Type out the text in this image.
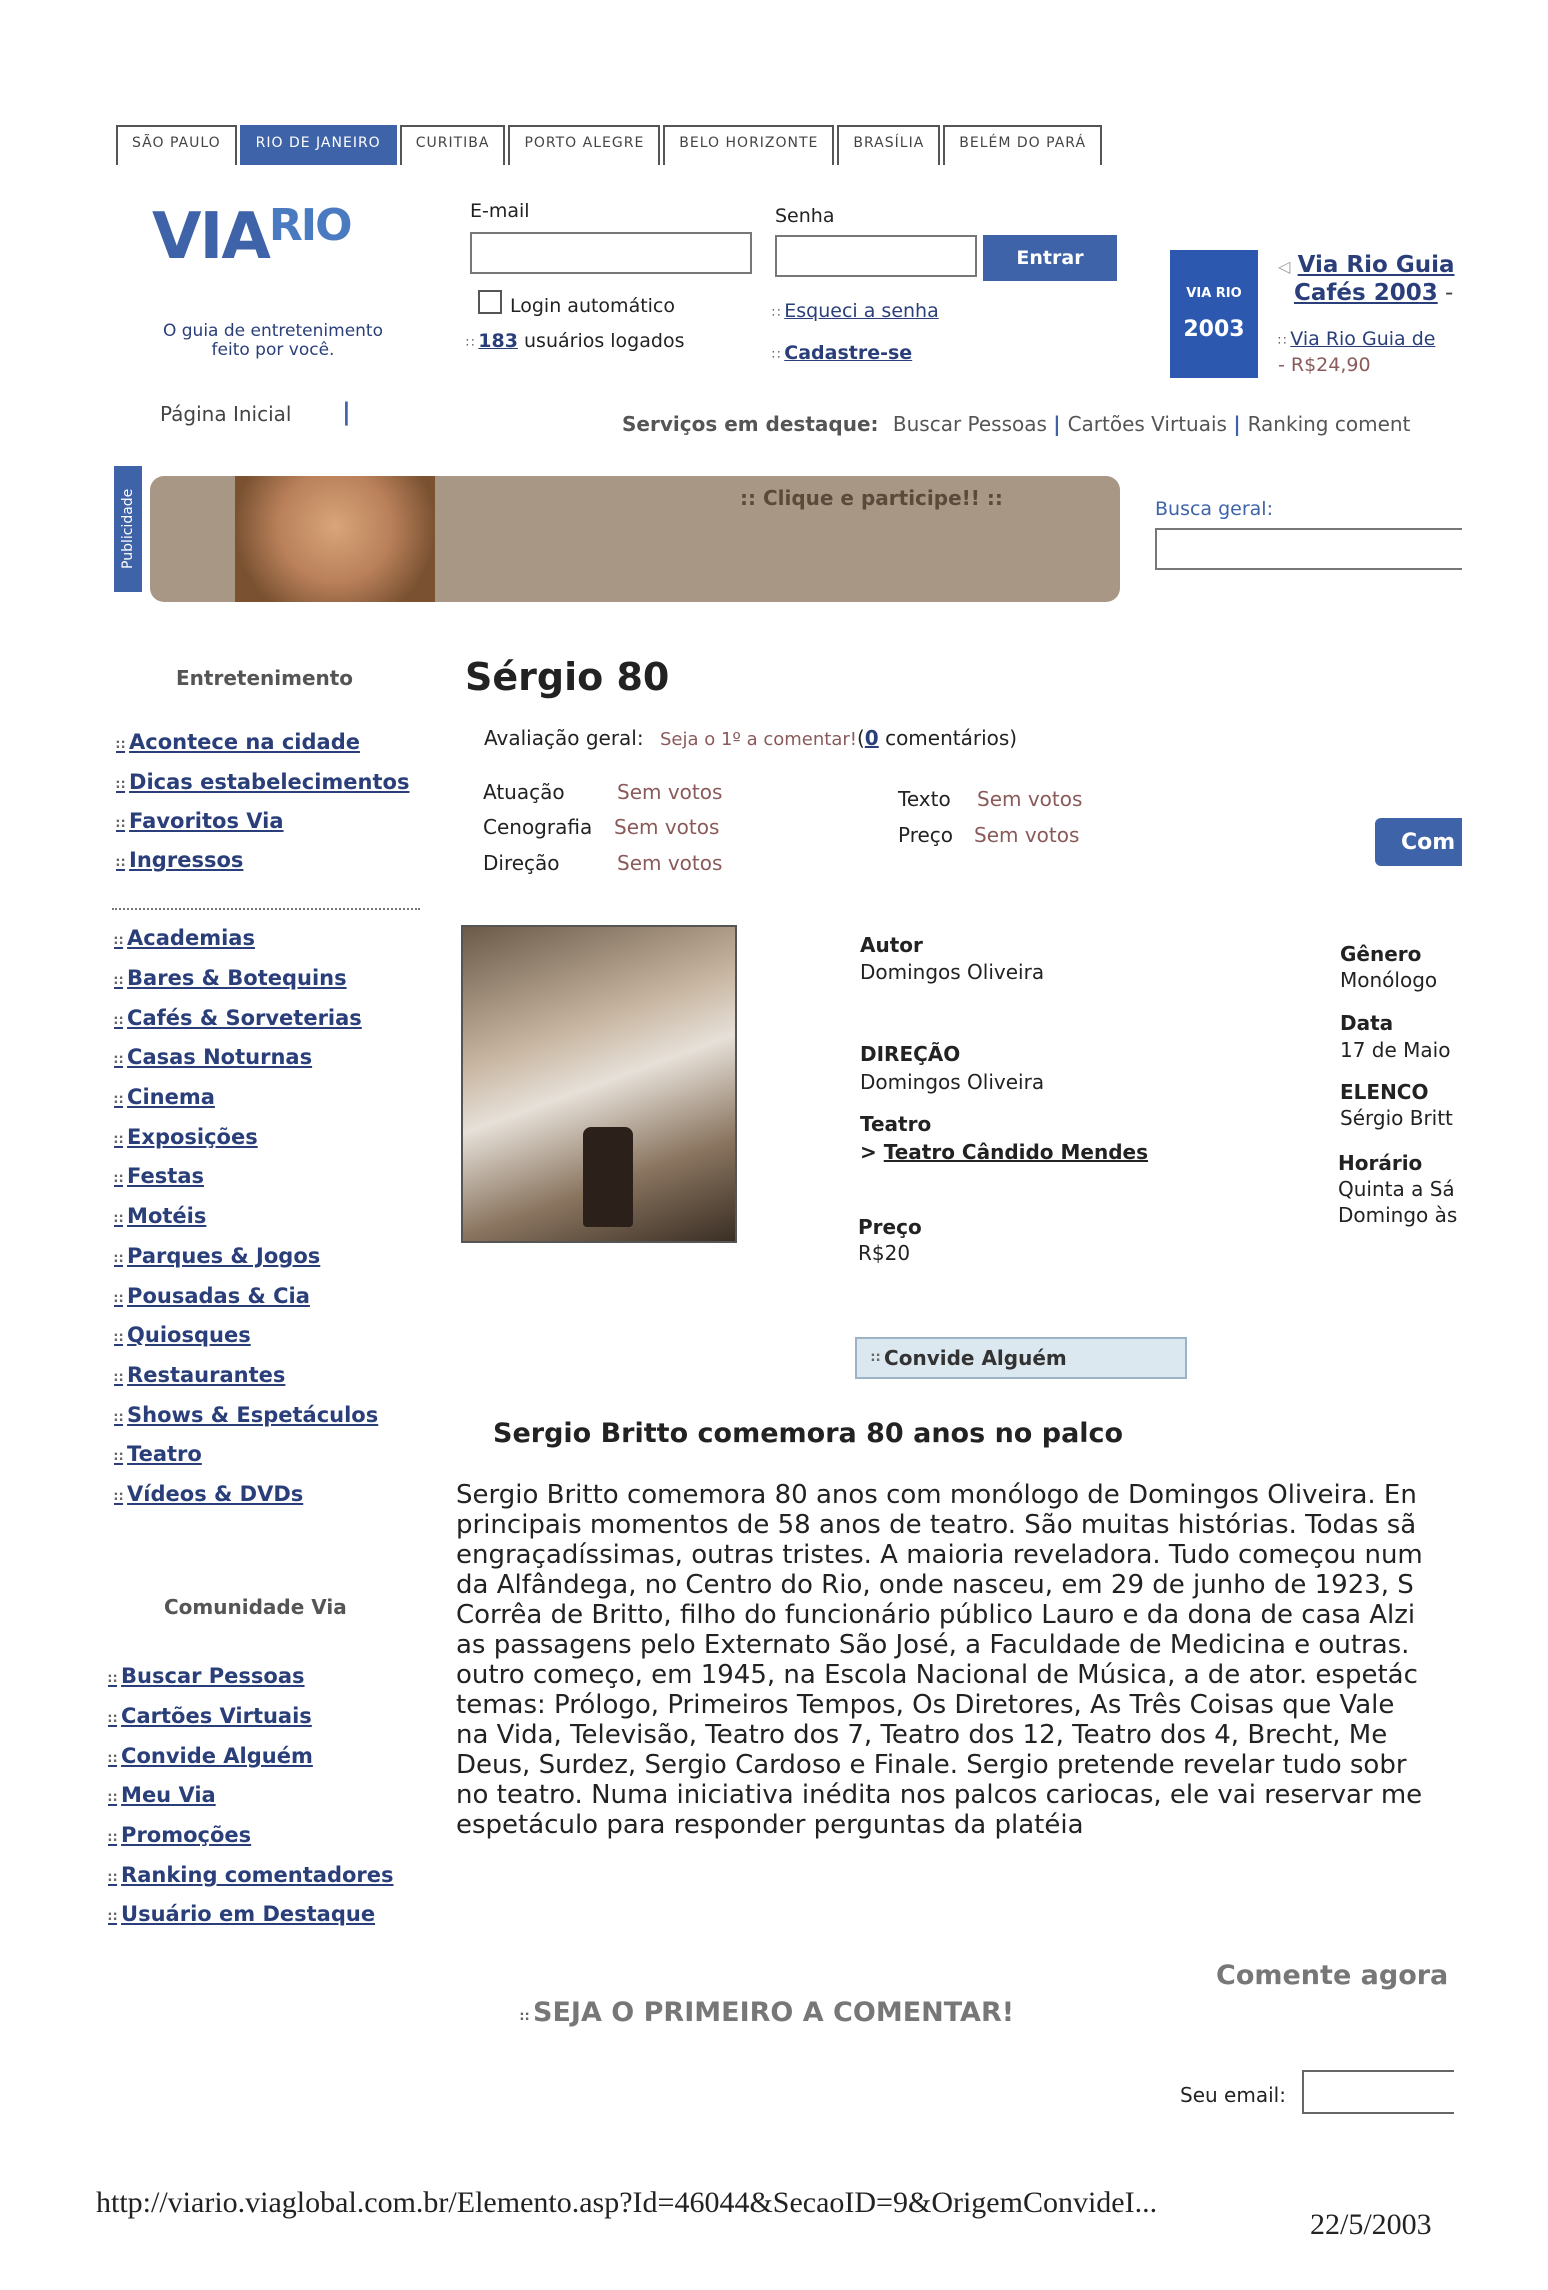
SÃO PAULO	RIO DE JANEIRO	CURITIBA	PORTO ALEGRE	BELO HORIZONTE	BRASÍLIA	BELÉM DO PARÁ
$VIA^{RIO}$
O guia de entretenimento feito por você.
E-mail	Senha
Entrar
Login automático
∷ 183 usuários logados
∷ Esqueci a senha
∷ Cadastre-se
VIA RIO
2003
◁ Via Rio Guia
Cafés 2003 -
∷ Via Rio Guia de
- R$24,90
Página Inicial |	Serviços em destaque: Buscar Pessoas | Cartões Virtuais | Ranking coment
Publicidade	:: Clique e participe!! ::	Busca geral:
Entretenimento
∷ Acontece na cidade
∷ Dicas estabelecimentos
∷ Favoritos Via
∷ Ingressos
∷ Academias
∷ Bares & Botequins
∷ Cafés & Sorveterias
∷ Casas Noturnas
∷ Cinema
∷ Exposições
∷ Festas
∷ Motéis
∷ Parques & Jogos
∷ Pousadas & Cia
∷ Quiosques
∷ Restaurantes
∷ Shows & Espetáculos
∷ Teatro
∷ Vídeos & DVDs
Comunidade Via
∷ Buscar Pessoas
∷ Cartões Virtuais
∷ Convide Alguém
∷ Meu Via
∷ Promoções
∷ Ranking comentadores
∷ Usuário em Destaque
Sérgio 80
Avaliação geral: Seja o 1º a comentar!(0 comentários)
Atuação	Sem votos
Cenografia Sem votos
Direção	Sem votos
Texto Sem votos
Preço Sem votos	Com
Autor
Domingos Oliveira
DIREÇÃO
Domingos Oliveira
Teatro
> Teatro Cândido Mendes
Preço
R$20
Gênero
Monólogo
Data
17 de Maio
ELENCO
Sérgio Britt
Horário
Quinta a Sá
Domingo às
∷ Convide Alguém
Sergio Britto comemora 80 anos no palco
Sergio Britto comemora 80 anos com monólogo de Domingos Oliveira. En
principais momentos de 58 anos de teatro. São muitas histórias. Todas sã
engraçadíssimas, outras tristes. A maioria reveladora. Tudo começou num
da Alfândega, no Centro do Rio, onde nasceu, em 29 de junho de 1923, S
Corrêa de Britto, filho do funcionário público Lauro e da dona de casa Alzi
as passagens pelo Externato São José, a Faculdade de Medicina e outras.
outro começo, em 1945, na Escola Nacional de Música, a de ator. espetác
temas: Prólogo, Primeiros Tempos, Os Diretores, As Três Coisas que Vale
na Vida, Televisão, Teatro dos 7, Teatro dos 12, Teatro dos 4, Brecht, Me
Deus, Surdez, Sergio Cardoso e Finale. Sergio pretende revelar tudo sobr
no teatro. Numa iniciativa inédita nos palcos cariocas, ele vai reservar me
espetáculo para responder perguntas da platéia
Comente agora
∷ SEJA O PRIMEIRO A COMENTAR!
Seu email:
http://viario.viaglobal.com.br/Elemento.asp?Id=46044&SecaoID=9&OrigemConvideI...
22/5/2003
